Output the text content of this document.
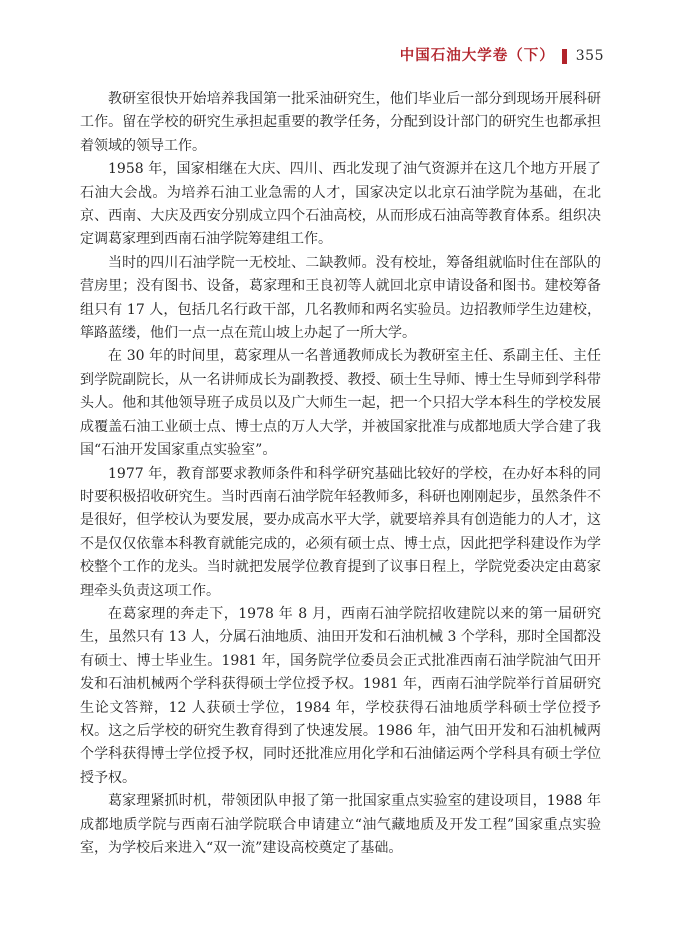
中国石油大学卷（下） 355

教研室很快开始培养我国第一批采油研究生，他们毕业后一部分到现场开展科研工作。留在学校的研究生承担起重要的教学任务，分配到设计部门的研究生也都承担着领域的领导工作。

1958 年，国家相继在大庆、四川、西北发现了油气资源并在这几个地方开展了石油大会战。为培养石油工业急需的人才，国家决定以北京石油学院为基础，在北京、西南、大庆及西安分别成立四个石油高校，从而形成石油高等教育体系。组织决定调葛家理到西南石油学院筹建组工作。

当时的四川石油学院一无校址、二缺教师。没有校址，筹备组就临时住在部队的营房里；没有图书、设备，葛家理和王良初等人就回北京申请设备和图书。建校筹备组只有 17 人，包括几名行政干部，几名教师和两名实验员。边招教师学生边建校，筚路蓝缕，他们一点一点在荒山坡上办起了一所大学。

在 30 年的时间里，葛家理从一名普通教师成长为教研室主任、系副主任、主任到学院副院长，从一名讲师成长为副教授、教授、硕士生导师、博士生导师到学科带头人。他和其他领导班子成员以及广大师生一起，把一个只招大学本科生的学校发展成覆盖石油工业硕士点、博士点的万人大学，并被国家批准与成都地质大学合建了我国“石油开发国家重点实验室”。

1977 年，教育部要求教师条件和科学研究基础比较好的学校，在办好本科的同时要积极招收研究生。当时西南石油学院年轻教师多，科研也刚刚起步，虽然条件不是很好，但学校认为要发展，要办成高水平大学，就要培养具有创造能力的人才，这不是仅仅依靠本科教育就能完成的，必须有硕士点、博士点，因此把学科建设作为学校整个工作的龙头。当时就把发展学位教育提到了议事日程上，学院党委决定由葛家理牵头负责这项工作。

在葛家理的奔走下，1978 年 8 月，西南石油学院招收建院以来的第一届研究生，虽然只有 13 人，分属石油地质、油田开发和石油机械 3 个学科，那时全国都没有硕士、博士毕业生。1981 年，国务院学位委员会正式批准西南石油学院油气田开发和石油机械两个学科获得硕士学位授予权。1981 年，西南石油学院举行首届研究生论文答辩，12 人获硕士学位，1984 年，学校获得石油地质学科硕士学位授予权。这之后学校的研究生教育得到了快速发展。1986 年，油气田开发和石油机械两个学科获得博士学位授予权，同时还批准应用化学和石油储运两个学科具有硕士学位授予权。

葛家理紧抓时机，带领团队申报了第一批国家重点实验室的建设项目，1988 年成都地质学院与西南石油学院联合申请建立“油气藏地质及开发工程”国家重点实验室，为学校后来进入“双一流”建设高校奠定了基础。
